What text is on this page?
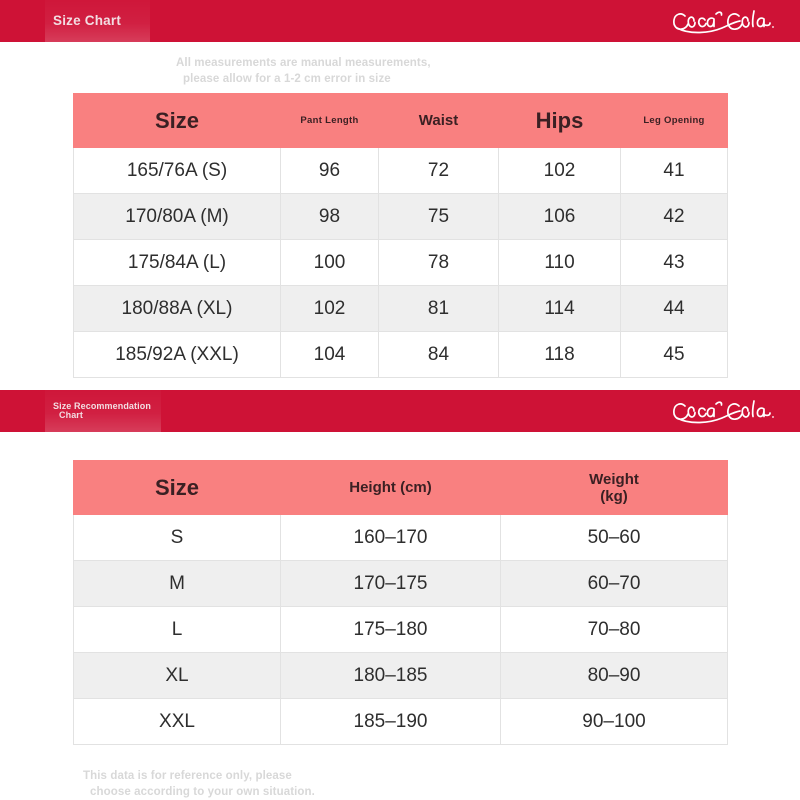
Size Chart
All measurements are manual measurements,
please allow for a 1-2 cm error in size
Size	Pant Length	Waist	Hips	Leg Opening
165/76A (S)	96	72	102	41
170/80A (M)	98	75	106	42
175/84A (L)	100	78	110	43
180/88A (XL)	102	81	114	44
185/92A (XXL)	104	84	118	45
Size Recommendation
Chart
Size	Height (cm)	Weight
(kg)
S	160–170	50–60
M	170–175	60–70
L	175–180	70–80
XL	180–185	80–90
XXL	185–190	90–100
This data is for reference only, please
choose according to your own situation.
